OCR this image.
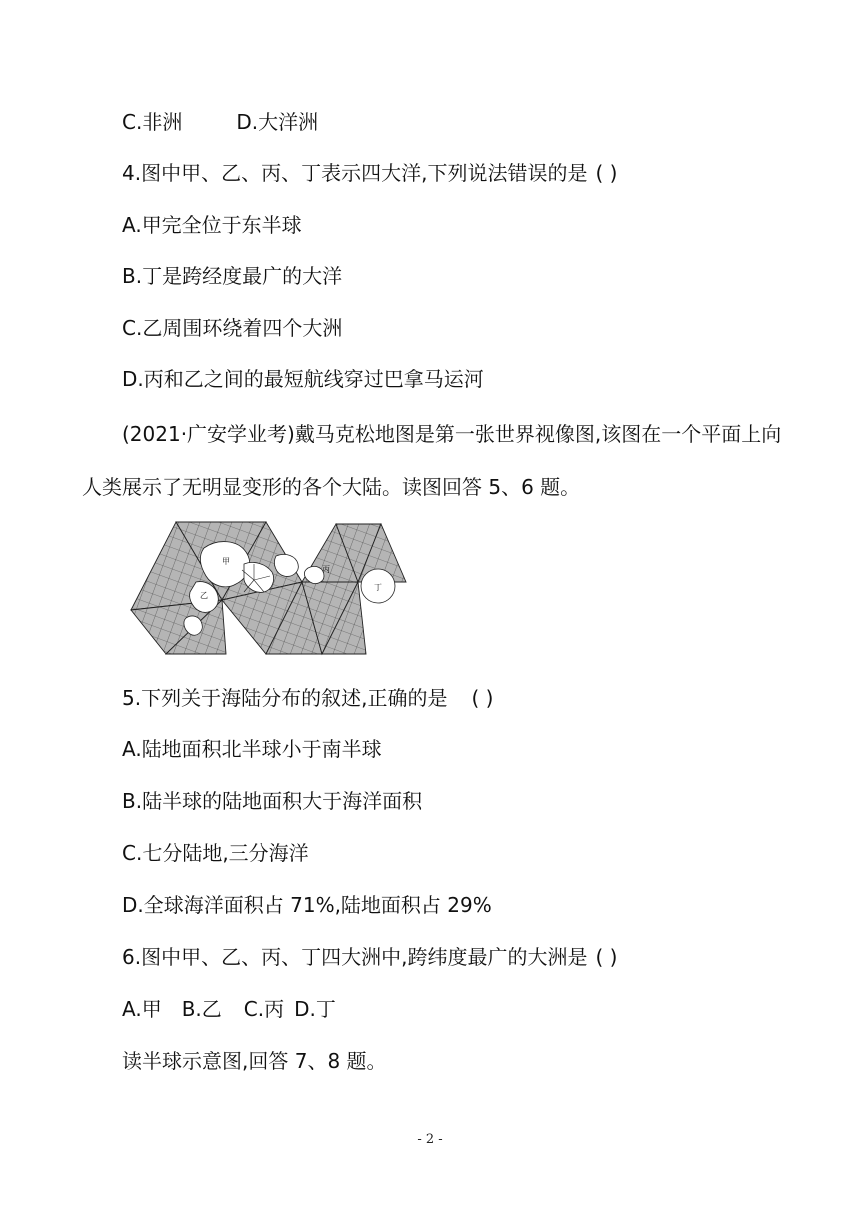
C.非洲	D.大洋洲
4.图中甲、乙、丙、丁表示四大洋,下列说法错误的是 ( )
A.甲完全位于东半球
B.丁是跨经度最广的大洋
C.乙周围环绕着四个大洲
D.丙和乙之间的最短航线穿过巴拿马运河
(2021·广安学业考)戴马克松地图是第一张世界视像图,该图在一个平面上向
人类展示了无明显变形的各个大陆。读图回答 5、6 题。
甲
乙
丙
丁
5.下列关于海陆分布的叙述,正确的是 ( )
A.陆地面积北半球小于南半球
B.陆半球的陆地面积大于海洋面积
C.七分陆地,三分海洋
D.全球海洋面积占 71%,陆地面积占 29%
6.图中甲、乙、丙、丁四大洲中,跨纬度最广的大洲是 ( )
A.甲 B.乙 C.丙 D.丁
读半球示意图,回答 7、8 题。
- 2 -
